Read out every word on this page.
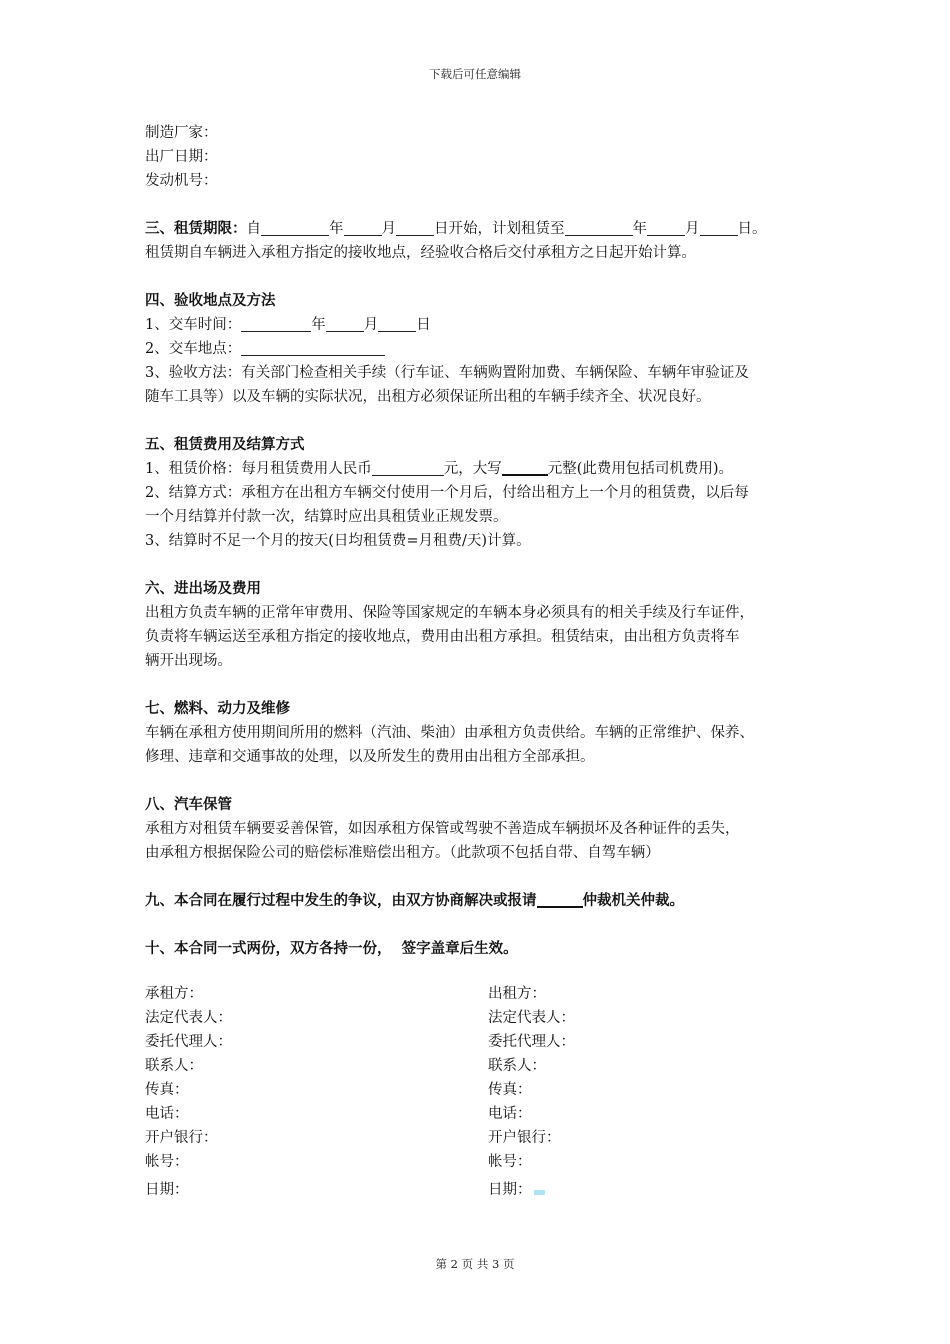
下载后可任意编辑
制造厂家：
出厂日期：
发动机号：
三、租赁期限：自	年	月	日开始，计划租赁至	年	月	日。
租赁期自车辆进入承租方指定的接收地点，经验收合格后交付承租方之日起开始计算。
四、验收地点及方法
1、交车时间：	年	月	日
2、交车地点：
3、验收方法：有关部门检查相关手续（行车证、车辆购置附加费、车辆保险、车辆年审验证及
随车工具等）以及车辆的实际状况，出租方必须保证所出租的车辆手续齐全、状况良好。
五、租赁费用及结算方式
1、租赁价格：每月租赁费用人民币	元，大写	元整(此费用包括司机费用)。
2、结算方式：承租方在出租方车辆交付使用一个月后，付给出租方上一个月的租赁费，以后每
一个月结算并付款一次，结算时应出具租赁业正规发票。
3、结算时不足一个月的按天(日均租赁费=月租费/天)计算。
六、进出场及费用
出租方负责车辆的正常年审费用、保险等国家规定的车辆本身必须具有的相关手续及行车证件，
负责将车辆运送至承租方指定的接收地点，费用由出租方承担。租赁结束，由出租方负责将车
辆开出现场。
七、燃料、动力及维修
车辆在承租方使用期间所用的燃料（汽油、柴油）由承租方负责供给。车辆的正常维护、保养、
修理、违章和交通事故的处理，以及所发生的费用由出租方全部承担。
八、汽车保管
承租方对租赁车辆要妥善保管，如因承租方保管或驾驶不善造成车辆损坏及各种证件的丢失，
由承租方根据保险公司的赔偿标准赔偿出租方。（此款项不包括自带、自驾车辆）
九、本合同在履行过程中发生的争议，由双方协商解决或报请	仲裁机关仲裁。
十、本合同一式两份，双方各持一份，  签字盖章后生效。
承租方：	出租方：
法定代表人：	法定代表人：
委托代理人：	委托代理人：
联系人：	联系人：
传真：	传真：
电话：	电话：
开户银行：	开户银行：
帐号：	帐号：
日期：	日期：
第 2 页 共 3 页
